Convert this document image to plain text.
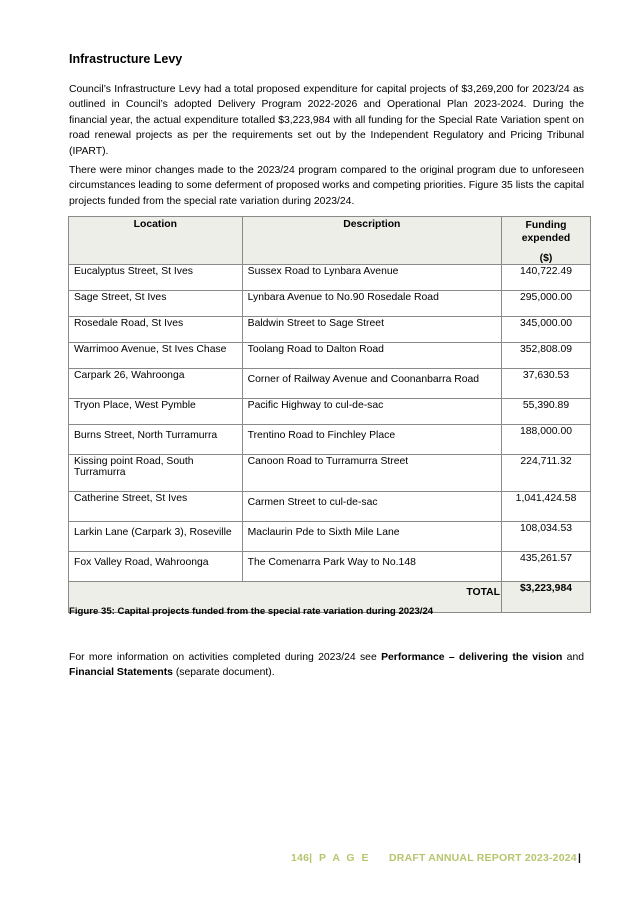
Infrastructure Levy

Council’s Infrastructure Levy had a total proposed expenditure for capital projects of $3,269,200 for 2023/24 as outlined in Council’s adopted Delivery Program 2022-2026 and Operational Plan 2023-2024. During the financial year, the actual expenditure totalled $3,223,984 with all funding for the Special Rate Variation spent on road renewal projects as per the requirements set out by the Independent Regulatory and Pricing Tribunal (IPART).

There were minor changes made to the 2023/24 program compared to the original program due to unforeseen circumstances leading to some deferment of proposed works and competing priorities. Figure 35 lists the capital projects funded from the special rate variation during 2023/24.

Location	Description	Funding expended
($)

Eucalyptus Street, St Ives	Sussex Road to Lynbara Avenue	140,722.49
Sage Street, St Ives	Lynbara Avenue to No.90 Rosedale Road	295,000.00
Rosedale Road, St Ives	Baldwin Street to Sage Street	345,000.00
Warrimoo Avenue, St Ives Chase	Toolang Road to Dalton Road	352,808.09
Carpark 26, Wahroonga	Corner of Railway Avenue and Coonanbarra Road	37,630.53
Tryon Place, West Pymble	Pacific Highway to cul-de-sac	55,390.89
Burns Street, North Turramurra	Trentino Road to Finchley Place	188,000.00
Kissing point Road, South Turramurra	Canoon Road to Turramurra Street	224,711.32
Catherine Street, St Ives	Carmen Street to cul-de-sac	1,041,424.58
Larkin Lane (Carpark 3), Roseville	Maclaurin Pde to Sixth Mile Lane	108,034.53
Fox Valley Road, Wahroonga	The Comenarra Park Way to No.148	435,261.57
TOTAL		$3,223,984
Figure 35: Capital projects funded from the special rate variation during 2023/24

For more information on activities completed during 2023/24 see Performance – delivering the vision and Financial Statements (separate document).

146| P A G E DRAFT ANNUAL REPORT 2023-2024 |
